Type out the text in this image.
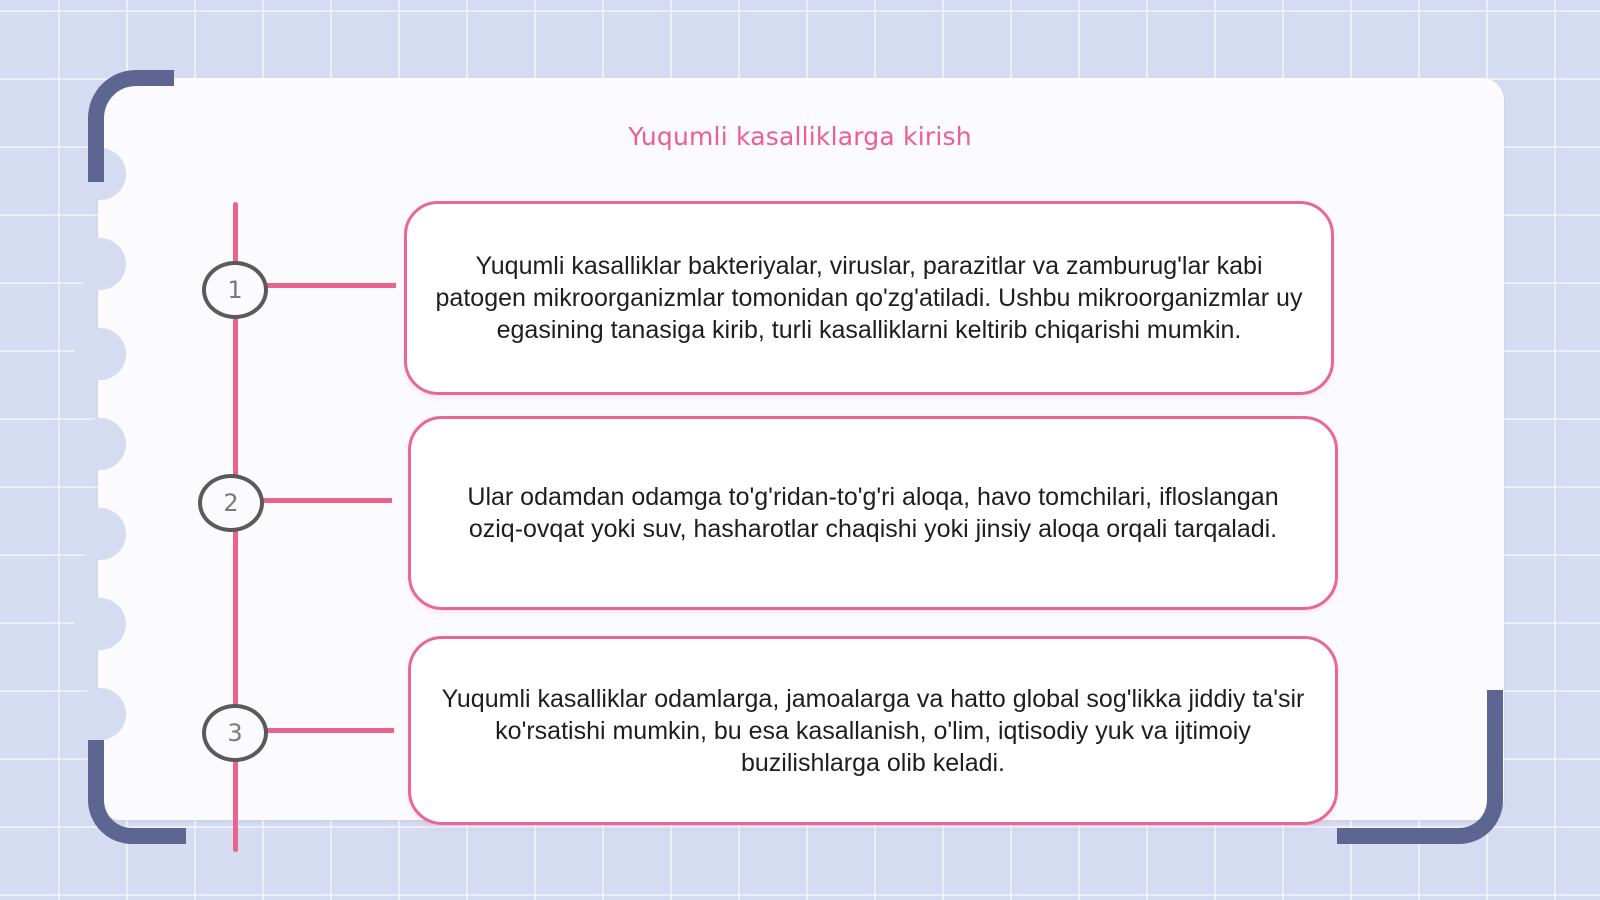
Yuqumli kasalliklarga kirish
1
2
3
Yuqumli kasalliklar bakteriyalar, viruslar, parazitlar va zamburug'lar kabi patogen mikroorganizmlar tomonidan qo'zg'atiladi. Ushbu mikroorganizmlar uy egasining tanasiga kirib, turli kasalliklarni keltirib chiqarishi mumkin.
Ular odamdan odamga to'g'ridan-to'g'ri aloqa, havo tomchilari, ifloslangan oziq-ovqat yoki suv, hasharotlar chaqishi yoki jinsiy aloqa orqali tarqaladi.
Yuqumli kasalliklar odamlarga, jamoalarga va hatto global sog'likka jiddiy ta'sir ko'rsatishi mumkin, bu esa kasallanish, o'lim, iqtisodiy yuk va ijtimoiy buzilishlarga olib keladi.
